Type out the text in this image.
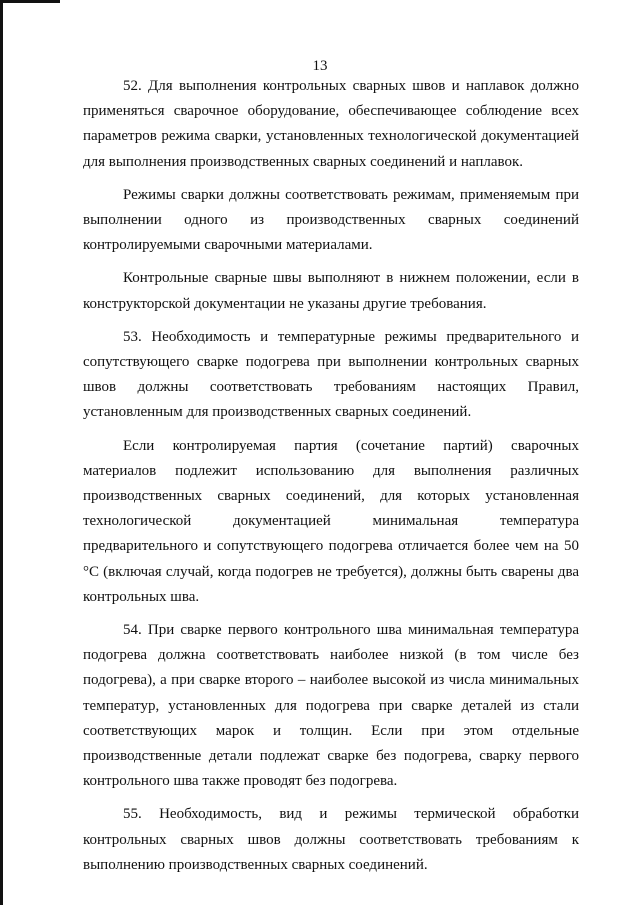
13

52. Для выполнения контрольных сварных швов и наплавок должно применяться сварочное оборудование, обеспечивающее соблюдение всех параметров режима сварки, установленных технологической документацией для выполнения производственных сварных соединений и наплавок.

Режимы сварки должны соответствовать режимам, применяемым при выполнении одного из производственных сварных соединений контролируемыми сварочными материалами.

Контрольные сварные швы выполняют в нижнем положении, если в конструкторской документации не указаны другие требования.

53. Необходимость и температурные режимы предварительного и сопутствующего сварке подогрева при выполнении контрольных сварных швов должны соответствовать требованиям настоящих Правил, установленным для производственных сварных соединений.

Если контролируемая партия (сочетание партий) сварочных материалов подлежит использованию для выполнения различных производственных сварных соединений, для которых установленная технологической документацией минимальная температура предварительного и сопутствующего подогрева отличается более чем на 50 °C (включая случай, когда подогрев не требуется), должны быть сварены два контрольных шва.

54. При сварке первого контрольного шва минимальная температура подогрева должна соответствовать наиболее низкой (в том числе без подогрева), а при сварке второго – наиболее высокой из числа минимальных температур, установленных для подогрева при сварке деталей из стали соответствующих марок и толщин. Если при этом отдельные производственные детали подлежат сварке без подогрева, сварку первого контрольного шва также проводят без подогрева.

55. Необходимость, вид и режимы термической обработки контрольных сварных швов должны соответствовать требованиям к выполнению производственных сварных соединений.
